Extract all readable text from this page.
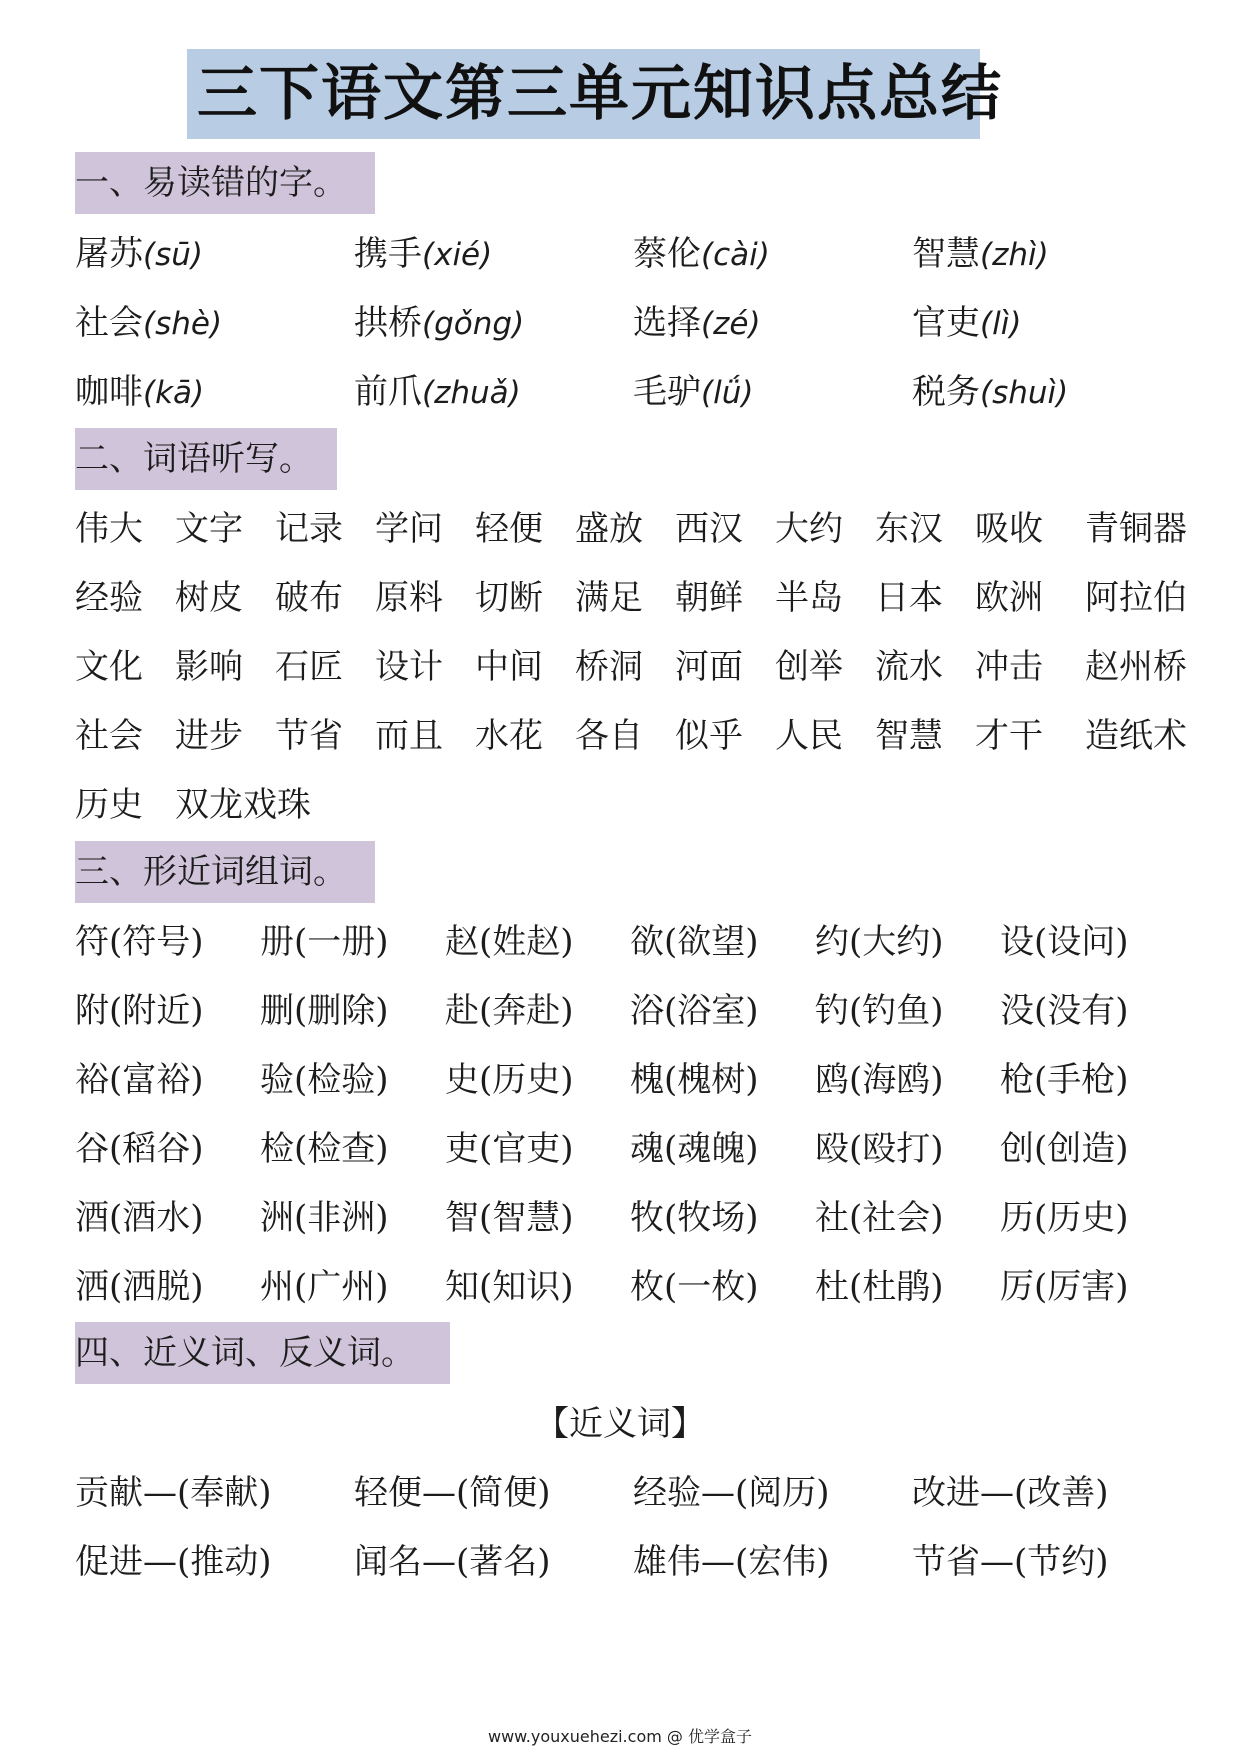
三下语文第三单元知识点总结
一、易读错的字。
屠苏(sū)	携手(xié)	蔡伦(cài)	智慧(zhì)
社会(shè)	拱桥(gǒng)	选择(zé)	官吏(lì)
咖啡(kā)	前爪(zhuǎ)	毛驴(lǘ)	税务(shuì)
二、词语听写。
伟大 文字 记录 学问 轻便 盛放 西汉 大约 东汉 吸收 青铜器
经验 树皮 破布 原料 切断 满足 朝鲜 半岛 日本 欧洲 阿拉伯
文化 影响 石匠 设计 中间 桥洞 河面 创举 流水 冲击 赵州桥
社会 进步 节省 而且 水花 各自 似乎 人民 智慧 才干 造纸术
历史 双龙戏珠
三、形近词组词。
符(符号) 册(一册) 赵(姓赵) 欲(欲望) 约(大约) 设(设问)
附(附近) 删(删除) 赴(奔赴) 浴(浴室) 钓(钓鱼) 没(没有)
裕(富裕) 验(检验) 史(历史) 槐(槐树) 鸥(海鸥) 枪(手枪)
谷(稻谷) 检(检查) 吏(官吏) 魂(魂魄) 殴(殴打) 创(创造)
酒(酒水) 洲(非洲) 智(智慧) 牧(牧场) 社(社会) 历(历史)
洒(洒脱) 州(广州) 知(知识) 枚(一枚) 杜(杜鹃) 厉(厉害)
四、近义词、反义词。
【近义词】
贡献—(奉献) 轻便—(简便) 经验—(阅历) 改进—(改善)
促进—(推动) 闻名—(著名) 雄伟—(宏伟) 节省—(节约)
www.youxuehezi.com @ 优学盒子
